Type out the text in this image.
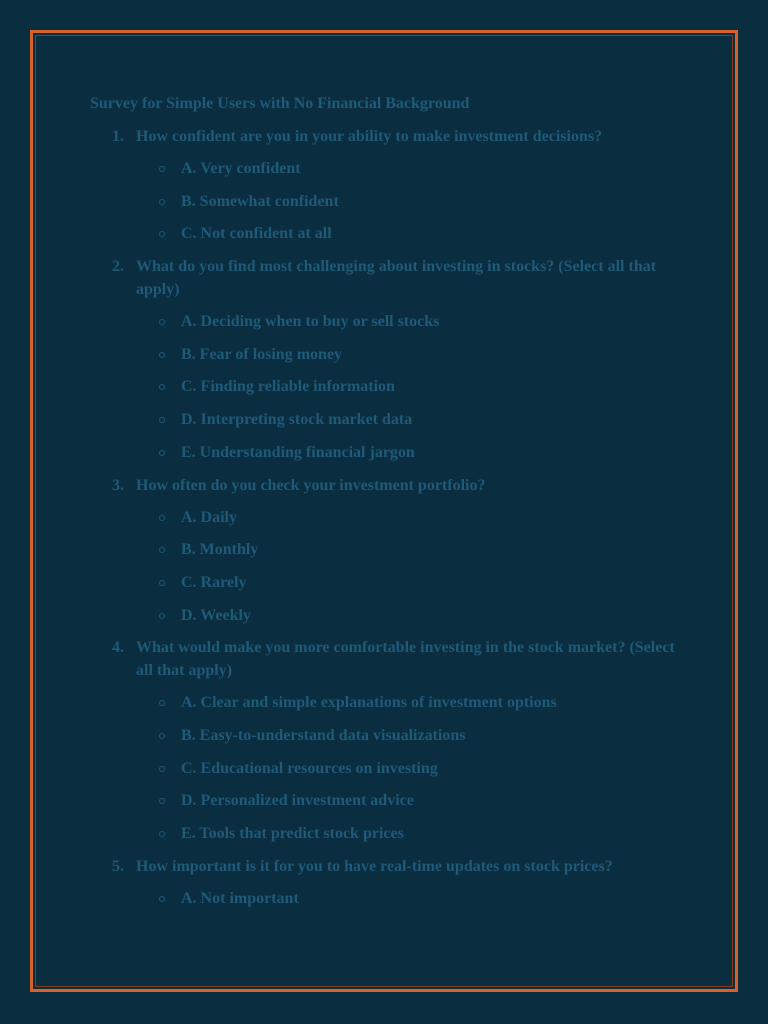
Survey for Simple Users with No Financial Background
1. How confident are you in your ability to make investment decisions?
A. Very confident
B. Somewhat confident
C. Not confident at all
2. What do you find most challenging about investing in stocks? (Select all that apply)
A. Deciding when to buy or sell stocks
B. Fear of losing money
C. Finding reliable information
D. Interpreting stock market data
E. Understanding financial jargon
3. How often do you check your investment portfolio?
A. Daily
B. Monthly
C. Rarely
D. Weekly
4. What would make you more comfortable investing in the stock market? (Select all that apply)
A. Clear and simple explanations of investment options
B. Easy-to-understand data visualizations
C. Educational resources on investing
D. Personalized investment advice
E. Tools that predict stock prices
5. How important is it for you to have real-time updates on stock prices?
A. Not important
